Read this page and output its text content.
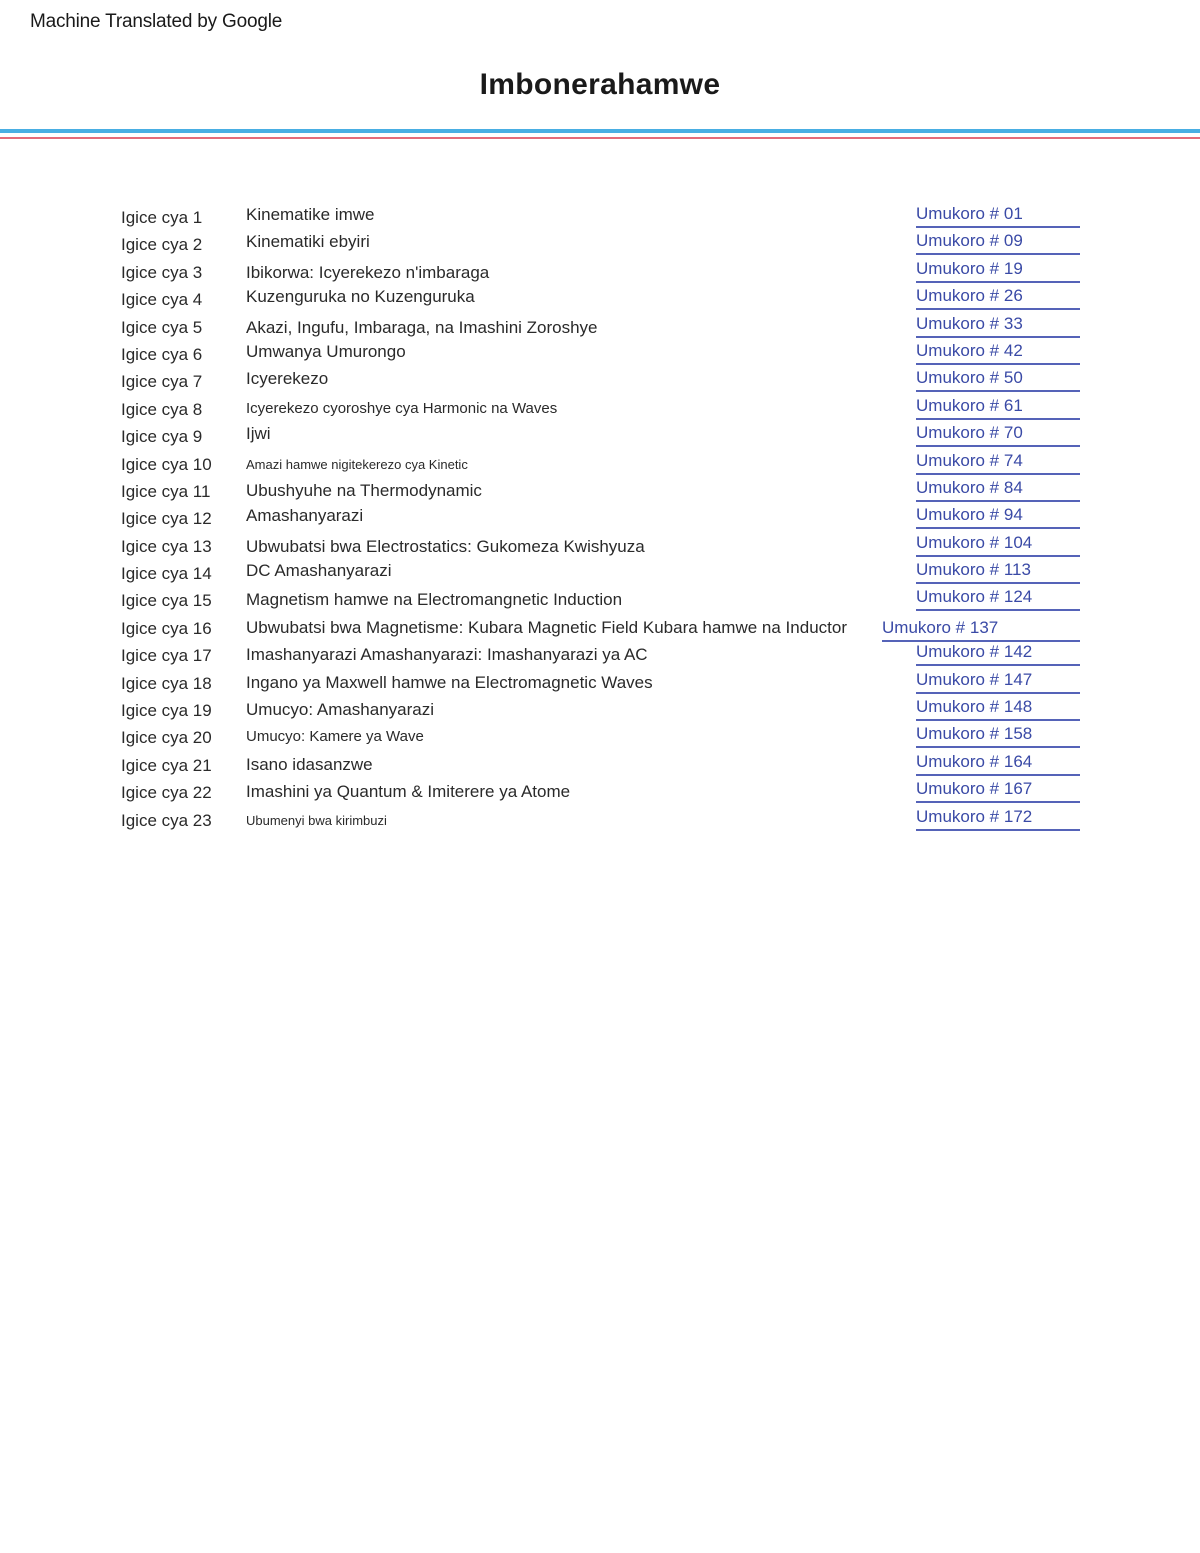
Machine Translated by Google
Imbonerahamwe
Igice cya 1	Kinematike imwe	Umukoro # 01
Igice cya 2	Kinematiki ebyiri	Umukoro # 09
Igice cya 3	Ibikorwa: Icyerekezo n'imbaraga	Umukoro # 19
Igice cya 4	Kuzenguruka no Kuzenguruka	Umukoro # 26
Igice cya 5	Akazi, Ingufu, Imbaraga, na Imashini Zoroshye	Umukoro # 33
Igice cya 6	Umwanya Umurongo	Umukoro # 42
Igice cya 7	Icyerekezo	Umukoro # 50
Igice cya 8	Icyerekezo cyoroshye cya Harmonic na Waves	Umukoro # 61
Igice cya 9	Ijwi	Umukoro # 70
Igice cya 10	Amazi hamwe nigitekerezo cya Kinetic	Umukoro # 74
Igice cya 11 Ubushyuhe na Thermodynamic	Umukoro # 84
Igice cya 12 Amashanyarazi	Umukoro # 94
Igice cya 13 Ubwubatsi bwa Electrostatics: Gukomeza Kwishyuza	Umukoro # 104
Igice cya 14 DC Amashanyarazi	Umukoro # 113
Igice cya 15 Magnetism hamwe na Electromangnetic Induction	Umukoro # 124
Igice cya 16 Ubwubatsi bwa Magnetisme: Kubara Magnetic Field Kubara hamwe na Inductor Umukoro # 137
Igice cya 17 Imashanyarazi Amashanyarazi: Imashanyarazi ya AC	Umukoro # 142
Igice cya 18 Ingano ya Maxwell hamwe na Electromagnetic Waves	Umukoro # 147
Igice cya 19 Umucyo: Amashanyarazi	Umukoro # 148
Igice cya 20 Umucyo: Kamere ya Wave	Umukoro # 158
Igice cya 21 Isano idasanzwe	Umukoro # 164
Igice cya 22 Imashini ya Quantum & Imiterere ya Atome	Umukoro # 167
Igice cya 23	Ubumenyi bwa kirimbuzi	Umukoro # 172
